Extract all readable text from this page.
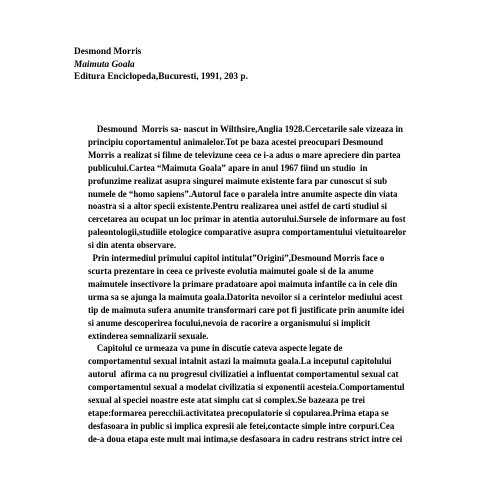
Desmond Morris
Maimuta Goala
Editura Enciclopeda,Bucuresti, 1991, 203 p.
Desmound  Morris sa- nascut in Wilthsire,Anglia 1928.Cercetarile sale vizeaza in
principiu coportamentul animalelor.Tot pe baza acestei preocupari Desmound
Morris a realizat si filme de televizune ceea ce i-a adus o mare apreciere din partea
publicului.Cartea “Maimuta Goala” apare in anul 1967 fiind un studio  in
profunzime realizat asupra singurei maimute existente fara par cunoscut si sub
numele de “homo sapiens”.Autorul face o paralela intre anumite aspecte din viata
noastra si a altor specii existente.Pentru realizarea unei astfel de carti studiul si
cercetarea au ocupat un loc primar in atentia autorului.Sursele de informare au fost
paleontologii,studiile etologice comparative asupra comportamentului vietuitoarelor
si din atenta observare.
Prin intermediul primului capitol intitulat”Origini”,Desmound Morris face o
scurta prezentare in ceea ce priveste evolutia maimutei goale si de la anume
maimutele insectivore la primare pradatoare apoi maimuta infantile ca in cele din
urma sa se ajunga la maimuta goala.Datorita nevoilor si a cerintelor mediului acest
tip de maimuta sufera anumite transformari care pot fi justificate prin anumite idei
si anume descoperirea focului,nevoia de racorire a organismului si implicit
extinderea semnalizarii sexuale.
Capitolul ce urmeaza va pune in discutie cateva aspecte legate de
comportamentul sexual intalnit astazi la maimuta goala.La inceputul capitolului
autorul  afirma ca nu progresul civilizatiei a influentat comportamentul sexual cat
comportamentul sexual a modelat civilizatia si exponentii acesteia.Comportamentul
sexual al speciei noastre este atat simplu cat si complex.Se bazeaza pe trei
etape:formarea perecchii.activitatea precopulatorie si copularea.Prima etapa se
desfasoara in public si implica expresii ale fetei,contacte simple intre corpuri.Cea
de-a doua etapa este mult mai intima,se desfasoara in cadru restrans strict intre cei
